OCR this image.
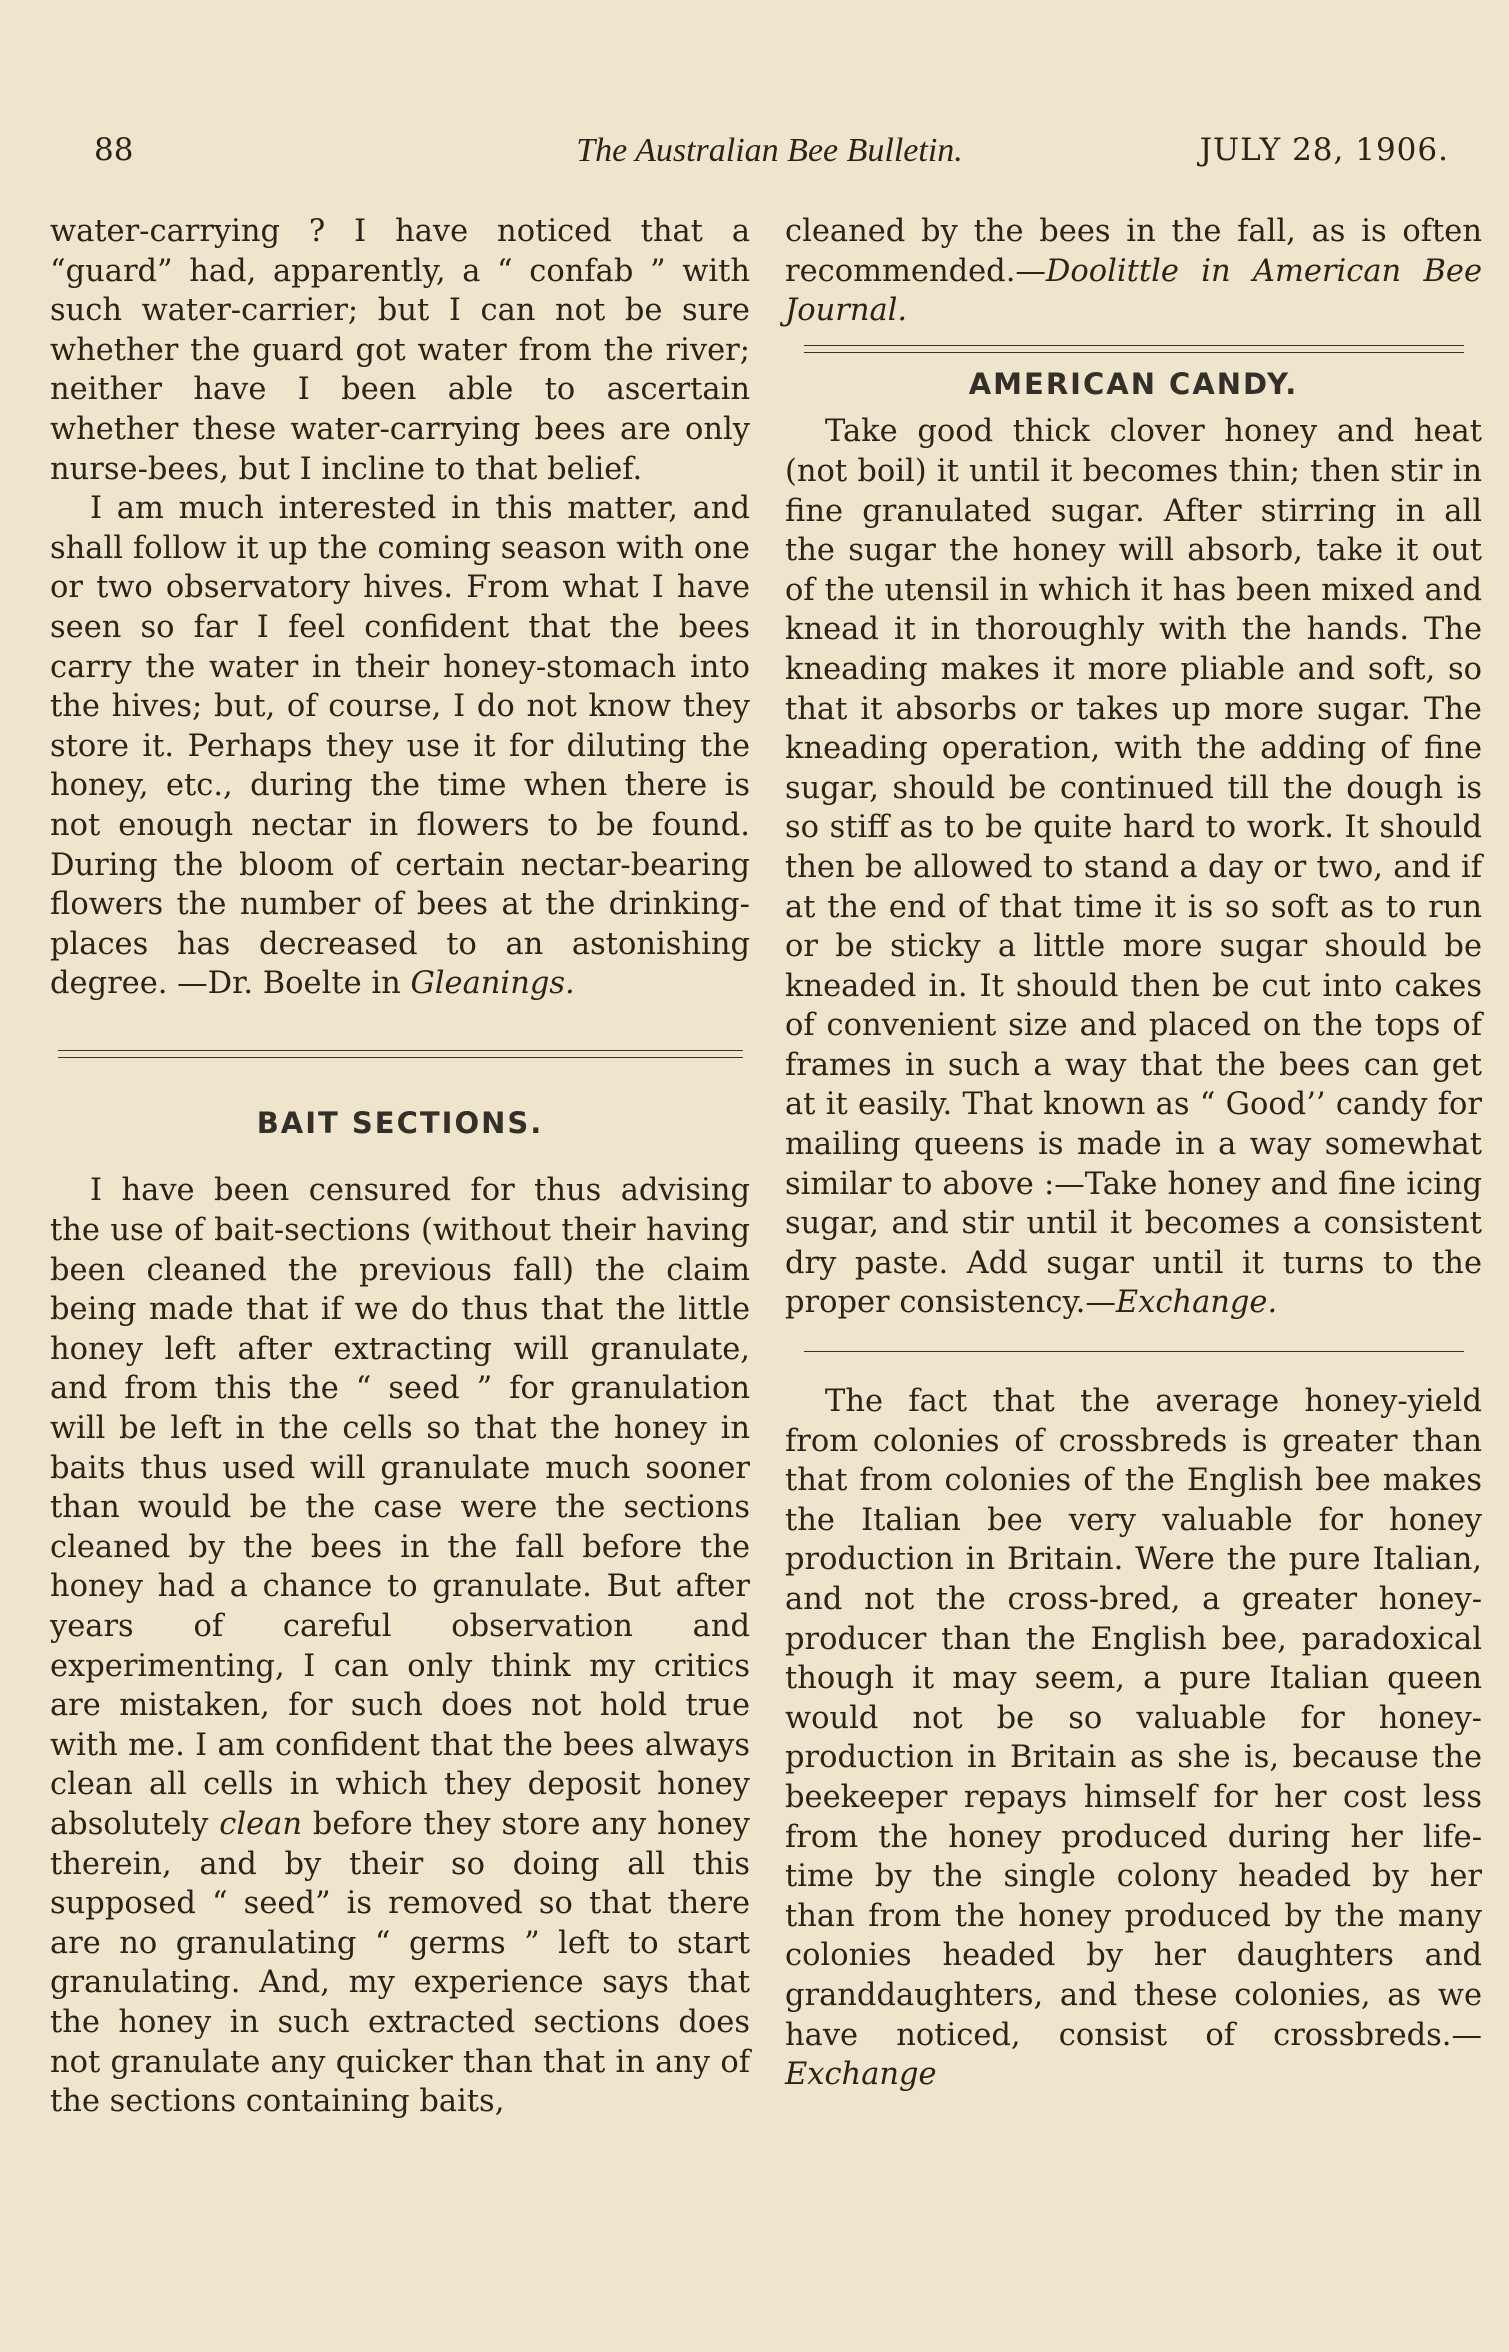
88	The Australian Bee Bulletin.	JULY 28, 1906.

water-carrying ? I have noticed that a “guard” had, apparently, a “ confab ” with such water-carrier; but I can not be sure whether the guard got water from the river; neither have I been able to ascertain whether these water-carrying bees are only nurse-bees, but I incline to that belief.

I am much interested in this matter, and shall follow it up the coming season with one or two observatory hives. From what I have seen so far I feel confident that the bees carry the water in their honey-stomach into the hives; but, of course, I do not know they store it. Perhaps they use it for diluting the honey, etc., during the time when there is not enough nectar in flowers to be found. During the bloom of certain nectar-bearing flowers the number of bees at the drinking-places has decreased to an astonishing degree. —Dr. Boelte in Gleanings.

BAIT SECTIONS.

I have been censured for thus advising the use of bait-sections (without their having been cleaned the previous fall) the claim being made that if we do thus that the little honey left after extracting will granulate, and from this the “ seed ” for granulation will be left in the cells so that the honey in baits thus used will granulate much sooner than would be the case were the sections cleaned by the bees in the fall before the honey had a chance to granulate. But after years of careful observation and experimenting, I can only think my critics are mistaken, for such does not hold true with me. I am confident that the bees always clean all cells in which they deposit honey absolutely clean before they store any honey therein, and by their so doing all this supposed “ seed” is removed so that there are no granulating “ germs ” left to start granulating. And, my experience says that the honey in such extracted sections does not granulate any quicker than that in any of the sections containing baits,

cleaned by the bees in the fall, as is often recommended.—Doolittle in American Bee Journal.

AMERICAN CANDY.

Take good thick clover honey and heat (not boil) it until it becomes thin; then stir in fine granulated sugar. After stirring in all the sugar the honey will absorb, take it out of the utensil in which it has been mixed and knead it in thoroughly with the hands. The kneading makes it more pliable and soft, so that it absorbs or takes up more sugar. The kneading operation, with the adding of fine sugar, should be continued till the dough is so stiff as to be quite hard to work. It should then be allowed to stand a day or two, and if at the end of that time it is so soft as to run or be sticky a little more sugar should be kneaded in. It should then be cut into cakes of convenient size and placed on the tops of frames in such a way that the bees can get at it easily. That known as “ Good’’ candy for mailing queens is made in a way somewhat similar to above :—Take honey and fine icing sugar, and stir until it becomes a consistent dry paste. Add sugar until it turns to the proper consistency.—Exchange.

The fact that the average honey-yield from colonies of crossbreds is greater than that from colonies of the English bee makes the Italian bee very valuable for honey production in Britain. Were the pure Italian, and not the cross-bred, a greater honey-producer than the English bee, paradoxical though it may seem, a pure Italian queen would not be so valuable for honey-production in Britain as she is, because the beekeeper repays himself for her cost less from the honey produced during her life-time by the single colony headed by her than from the honey produced by the many colonies headed by her daughters and granddaughters, and these colonies, as we have noticed, consist of crossbreds.—Exchange
